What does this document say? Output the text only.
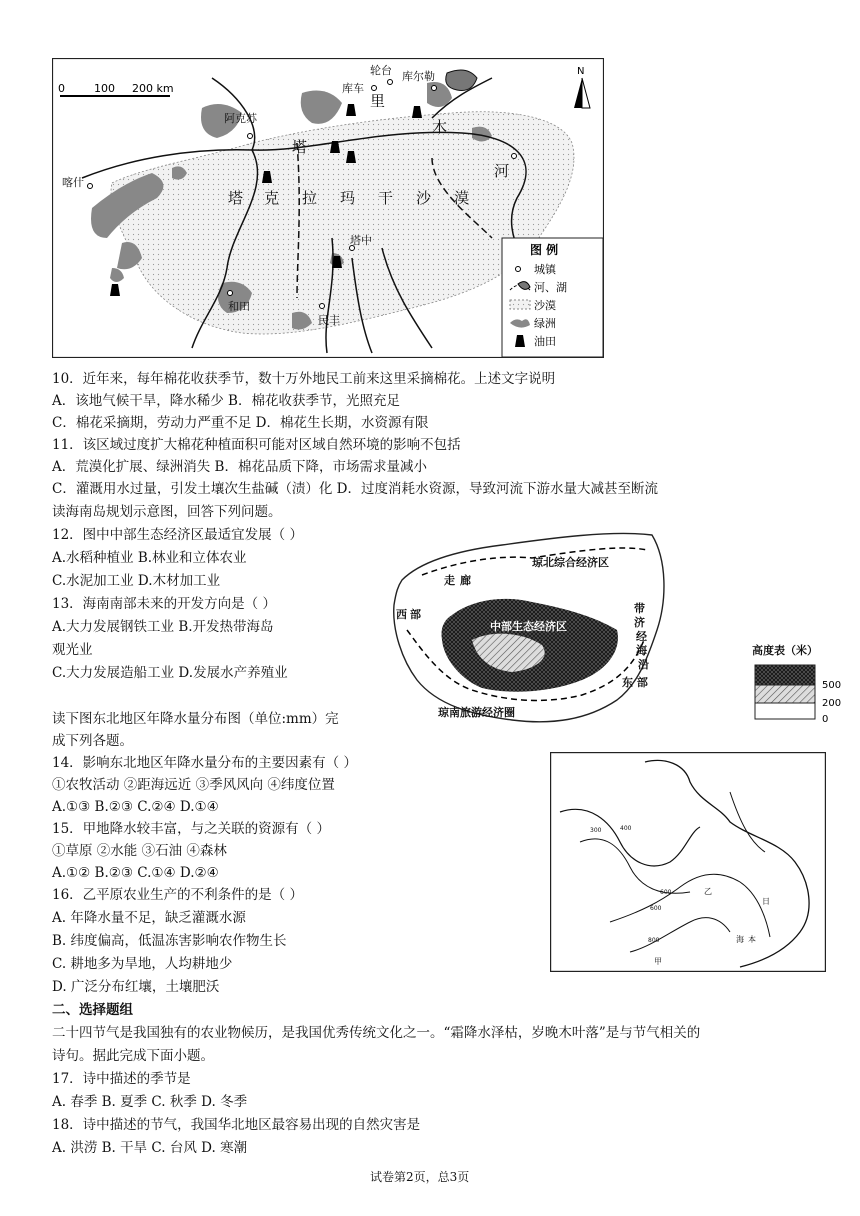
0	100 200 km
N
轮台 库尔勒
库车
阿克苏
喀什
和田
塔中
民丰
塔
里
木
河
塔 克 拉 玛 干 沙 漠
图 例
城镇
河、湖
沙漠
绿洲
油田
10．近年来，每年棉花收获季节，数十万外地民工前来这里采摘棉花。上述文字说明
A．该地气候干旱，降水稀少 B．棉花收获季节，光照充足
C．棉花采摘期，劳动力严重不足 D．棉花生长期，水资源有限
11．该区域过度扩大棉花种植面积可能对区域自然环境的影响不包括
A．荒漠化扩展、绿洲消失 B．棉花品质下降，市场需求量减小
C．灌溉用水过量，引发土壤次生盐碱（渍）化 D．过度消耗水资源，导致河流下游水量大减甚至断流
读海南岛规划示意图，回答下列问题。
12．图中中部生态经济区最适宜发展（ ）
A.水稻种植业 B.林业和立体农业
C.水泥加工业 D.木材加工业
13．海南南部未来的开发方向是（ ）
A.大力发展钢铁工业 B.开发热带海岛
观光业
C.大力发展造船工业 D.发展水产养殖业
琼北综合经济区
西 部
走 廊
中部生态经济区
东 部
琼南旅游经济圈
带
济
经
海
沿
高度表（米）
500
200
0
读下图东北地区年降水量分布图（单位:mm）完
成下列各题。
14．影响东北地区年降水量分布的主要因素有（ ）
①农牧活动 ②距海远近 ③季风风向 ④纬度位置
A.①③ B.②③ C.②④ D.①④
15．甲地降水较丰富，与之关联的资源有（ ）
①草原 ②水能 ③石油 ④森林
A.①② B.②③ C.①④ D.②④
16．乙平原农业生产的不利条件的是（ ）
A. 年降水量不足，缺乏灌溉水源
B. 纬度偏高，低温冻害影响农作物生长
C. 耕地多为旱地，人均耕地少
D. 广泛分布红壤，土壤肥沃
300	400
600
600
800
乙
甲
日
海 本
二、选择题组
二十四节气是我国独有的农业物候历，是我国优秀传统文化之一。“霜降水泽枯，岁晚木叶落”是与节气相关的
诗句。据此完成下面小题。
17．诗中描述的季节是
A. 春季 B. 夏季 C. 秋季 D. 冬季
18．诗中描述的节气，我国华北地区最容易出现的自然灾害是
A. 洪涝 B. 干旱 C. 台风 D. 寒潮
试卷第2页，总3页
